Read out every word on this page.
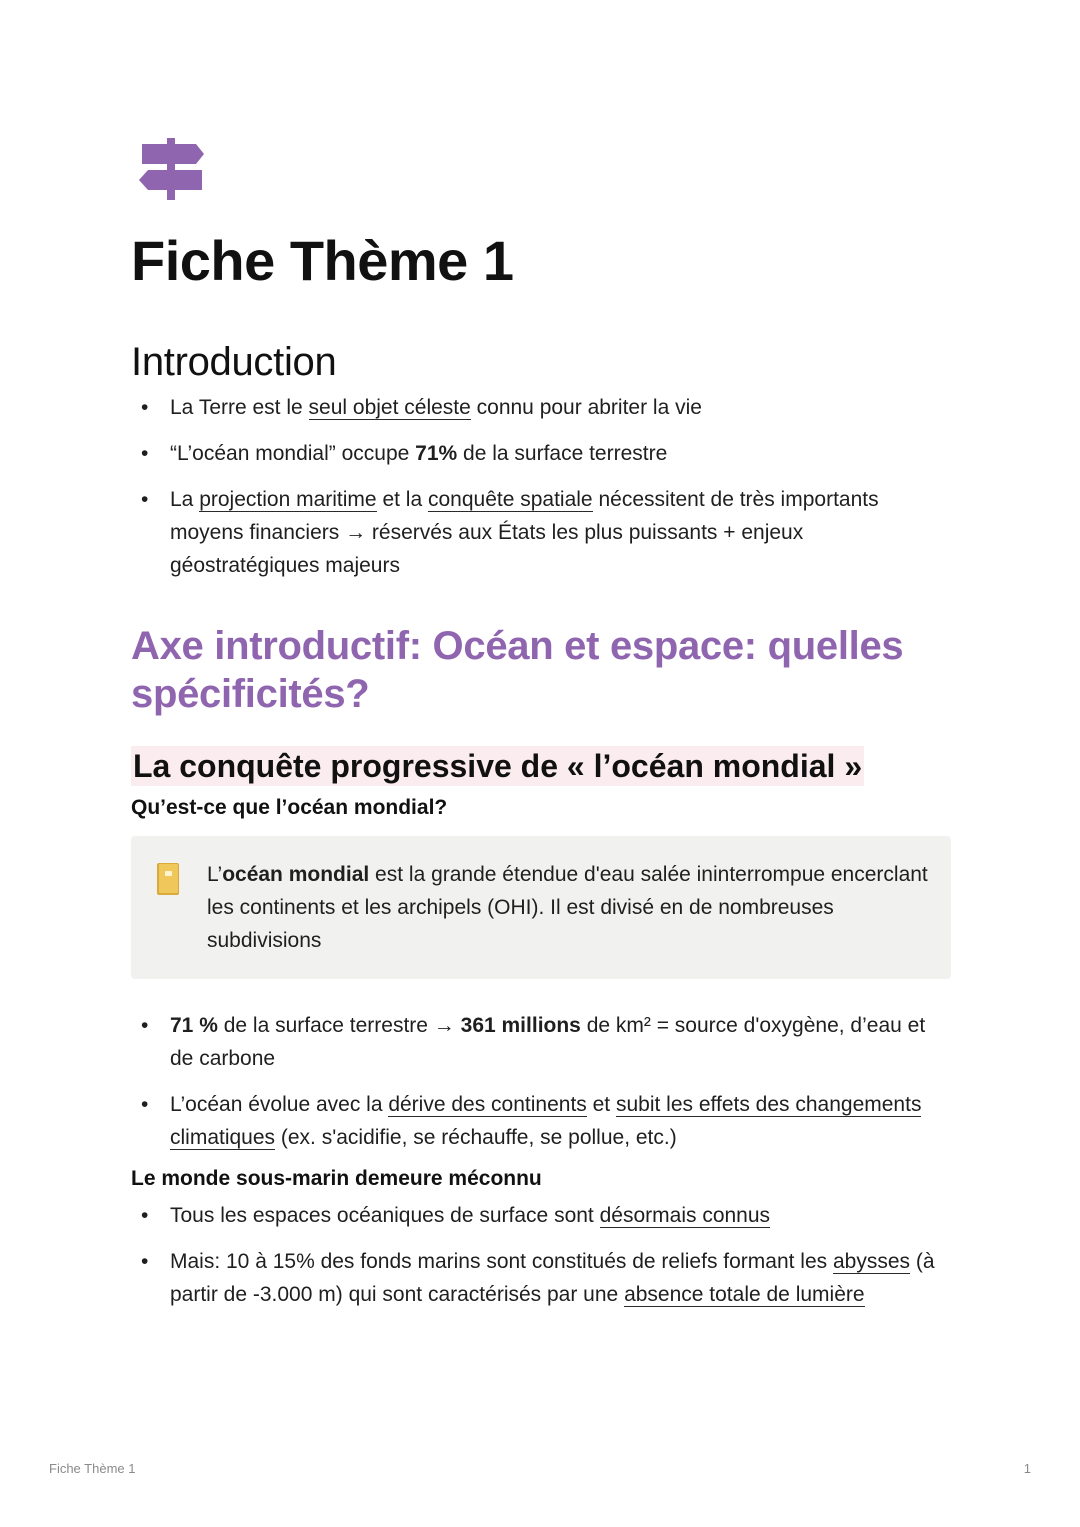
Fiche Thème 1
Introduction
• La Terre est le seul objet céleste connu pour abriter la vie
• “L’océan mondial” occupe 71% de la surface terrestre
• La projection maritime et la conquête spatiale nécessitent de très importants moyens financiers → réservés aux États les plus puissants + enjeux géostratégiques majeurs
Axe introductif: Océan et espace: quelles spécificités?
La conquête progressive de « l’océan mondial »
Qu’est-ce que l’océan mondial?
L’océan mondial est la grande étendue d'eau salée ininterrompue encerclant les continents et les archipels (OHI). Il est divisé en de nombreuses subdivisions
• 71 % de la surface terrestre → 361 millions de km² = source d'oxygène, d’eau et de carbone
• L’océan évolue avec la dérive des continents et subit les effets des changements climatiques (ex. s'acidifie, se réchauffe, se pollue, etc.)
Le monde sous-marin demeure méconnu
• Tous les espaces océaniques de surface sont désormais connus
• Mais: 10 à 15% des fonds marins sont constitués de reliefs formant les abysses (à partir de -3.000 m) qui sont caractérisés par une absence totale de lumière
Fiche Thème 1	1
